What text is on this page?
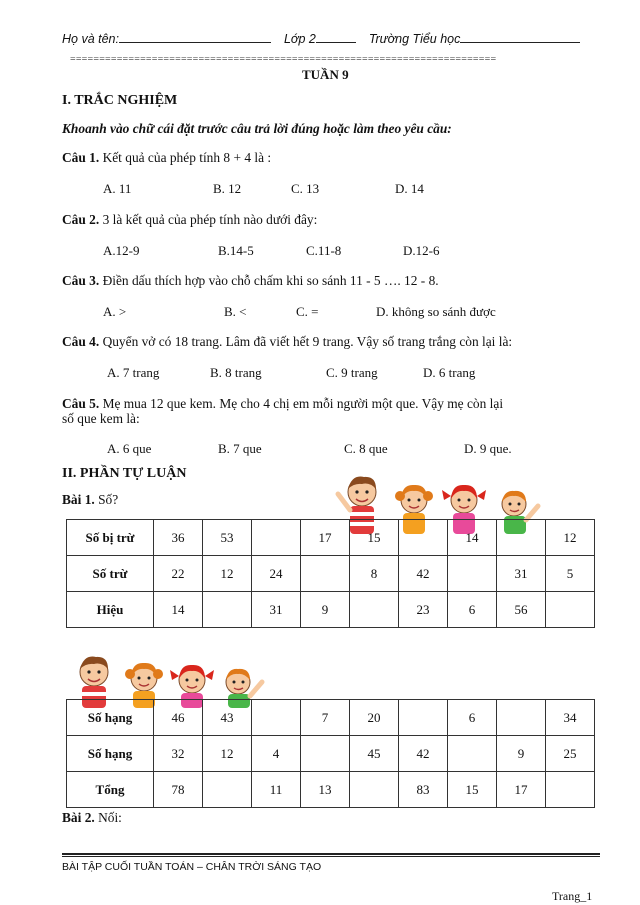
Họ và tên:	Lớp 2	Trường Tiểu học
=========================================================================
TUẦN 9
I. TRẮC NGHIỆM
Khoanh vào chữ cái đặt trước câu trả lời đúng hoặc làm theo yêu cầu:
Câu 1. Kết quả của phép tính 8 + 4 là :
A. 11	B. 12	C. 13	D. 14
Câu 2. 3 là kết quả của phép tính nào dưới đây:
A.12-9	B.14-5	C.11-8	D.12-6
Câu 3. Điền dấu thích hợp vào chỗ chấm khi so sánh 11 - 5 …. 12 - 8.
A. >	B. <	C. =	D. không so sánh được
Câu 4. Quyển vở có 18 trang. Lâm đã viết hết 9 trang. Vậy số trang trắng còn lại là:
A. 7 trang	B. 8 trang	C. 9 trang	D. 6 trang
Câu 5. Mẹ mua 12 que kem. Mẹ cho 4 chị em mỗi người một que. Vậy mẹ còn lại
số que kem là:
A. 6 que	B. 7 que	C. 8 que	D. 9 que.
II. PHẦN TỰ LUẬN
Bài 1. Số?
Số bị trừ	36	53		17	15		14		12
Số trừ	22	12	24		8	42		31	5
Hiệu	14		31	9		23	6	56	
Số hạng	46	43		7	20		6		34
Số hạng	32	12	4		45	42		9	25
Tổng	78		11	13		83	15	17	
Bài 2. Nối:
BÀI TẬP CUỐI TUẦN TOÁN – CHÂN TRỜI SÁNG TẠO
Trang_1
